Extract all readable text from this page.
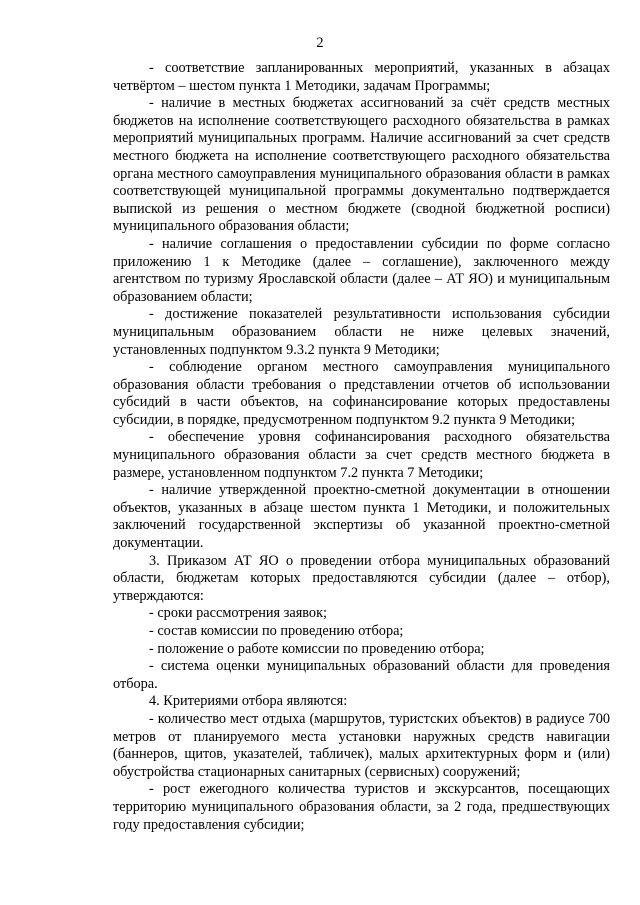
2

- соответствие запланированных мероприятий, указанных в абзацах четвёртом – шестом пункта 1 Методики, задачам Программы;

- наличие в местных бюджетах ассигнований за счёт средств местных бюджетов на исполнение соответствующего расходного обязательства в рамках мероприятий муниципальных программ. Наличие ассигнований за счет средств местного бюджета на исполнение соответствующего расходного обязательства органа местного самоуправления муниципального образования области в рамках соответствующей муниципальной программы документально подтверждается выпиской из решения о местном бюджете (сводной бюджетной росписи) муниципального образования области;

- наличие соглашения о предоставлении субсидии по форме согласно приложению 1 к Методике (далее – соглашение), заключенного между агентством по туризму Ярославской области (далее – АТ ЯО) и муниципальным образованием области;

- достижение показателей результативности использования субсидии муниципальным образованием области не ниже целевых значений, установленных подпунктом 9.3.2 пункта 9 Методики;

- соблюдение органом местного самоуправления муниципального образования области требования о представлении отчетов об использовании субсидий в части объектов, на софинансирование которых предоставлены субсидии, в порядке, предусмотренном подпунктом 9.2 пункта 9 Методики;

- обеспечение уровня софинансирования расходного обязательства муниципального образования области за счет средств местного бюджета в размере, установленном подпунктом 7.2 пункта 7 Методики;

- наличие утвержденной проектно-сметной документации в отношении объектов, указанных в абзаце шестом пункта 1 Методики, и положительных заключений государственной экспертизы об указанной проектно-сметной документации.

3. Приказом АТ ЯО о проведении отбора муниципальных образований области, бюджетам которых предоставляются субсидии (далее – отбор), утверждаются:

- сроки рассмотрения заявок;

- состав комиссии по проведению отбора;

- положение о работе комиссии по проведению отбора;

- система оценки муниципальных образований области для проведения отбора.

4. Критериями отбора являются:

- количество мест отдыха (маршрутов, туристских объектов) в радиусе 700 метров от планируемого места установки наружных средств навигации (баннеров, щитов, указателей, табличек), малых архитектурных форм и (или) обустройства стационарных санитарных (сервисных) сооружений;

- рост ежегодного количества туристов и экскурсантов, посещающих территорию муниципального образования области, за 2 года, предшествующих году предоставления субсидии;
